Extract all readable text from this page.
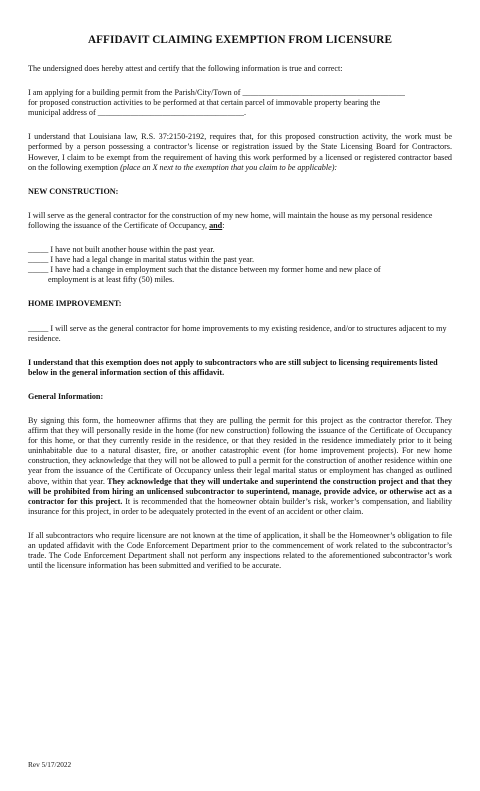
AFFIDAVIT CLAIMING EXEMPTION FROM LICENSURE

The undersigned does hereby attest and certify that the following information is true and correct:

I am applying for a building permit from the Parish/City/Town of ________________________________________

for proposed construction activities to be performed at that certain parcel of immovable property bearing the

municipal address of ____________________________________.

I understand that Louisiana law, R.S. 37:2150-2192, requires that, for this proposed construction activity, the work must be performed by a person possessing a contractor’s license or registration issued by the State Licensing Board for Contractors. However, I claim to be exempt from the requirement of having this work performed by a licensed or registered contractor based on the following exemption (place an X next to the exemption that you claim to be applicable):

NEW CONSTRUCTION:

I will serve as the general contractor for the construction of my new home, will maintain the house as my personal residence following the issuance of the Certificate of Occupancy, and:

_____ I have not built another house within the past year.

_____ I have had a legal change in marital status within the past year.

_____ I have had a change in employment such that the distance between my former home and new place of

employment is at least fifty (50) miles.

HOME IMPROVEMENT:

_____ I will serve as the general contractor for home improvements to my existing residence, and/or to structures adjacent to my residence.

I understand that this exemption does not apply to subcontractors who are still subject to licensing requirements listed below in the general information section of this affidavit.

General Information:

By signing this form, the homeowner affirms that they are pulling the permit for this project as the contractor therefor. They affirm that they will personally reside in the home (for new construction) following the issuance of the Certificate of Occupancy for this home, or that they currently reside in the residence, or that they resided in the residence immediately prior to it being uninhabitable due to a natural disaster, fire, or another catastrophic event (for home improvement projects). For new home construction, they acknowledge that they will not be allowed to pull a permit for the construction of another residence within one year from the issuance of the Certificate of Occupancy unless their legal marital status or employment has changed as outlined above, within that year. They acknowledge that they will undertake and superintend the construction project and that they will be prohibited from hiring an unlicensed subcontractor to superintend, manage, provide advice, or otherwise act as a contractor for this project. It is recommended that the homeowner obtain builder’s risk, worker’s compensation, and liability insurance for this project, in order to be adequately protected in the event of an accident or other claim.

If all subcontractors who require licensure are not known at the time of application, it shall be the Homeowner’s obligation to file an updated affidavit with the Code Enforcement Department prior to the commencement of work related to the subcontractor’s trade. The Code Enforcement Department shall not perform any inspections related to the aforementioned subcontractor’s work until the licensure information has been submitted and verified to be accurate.

Rev 5/17/2022
